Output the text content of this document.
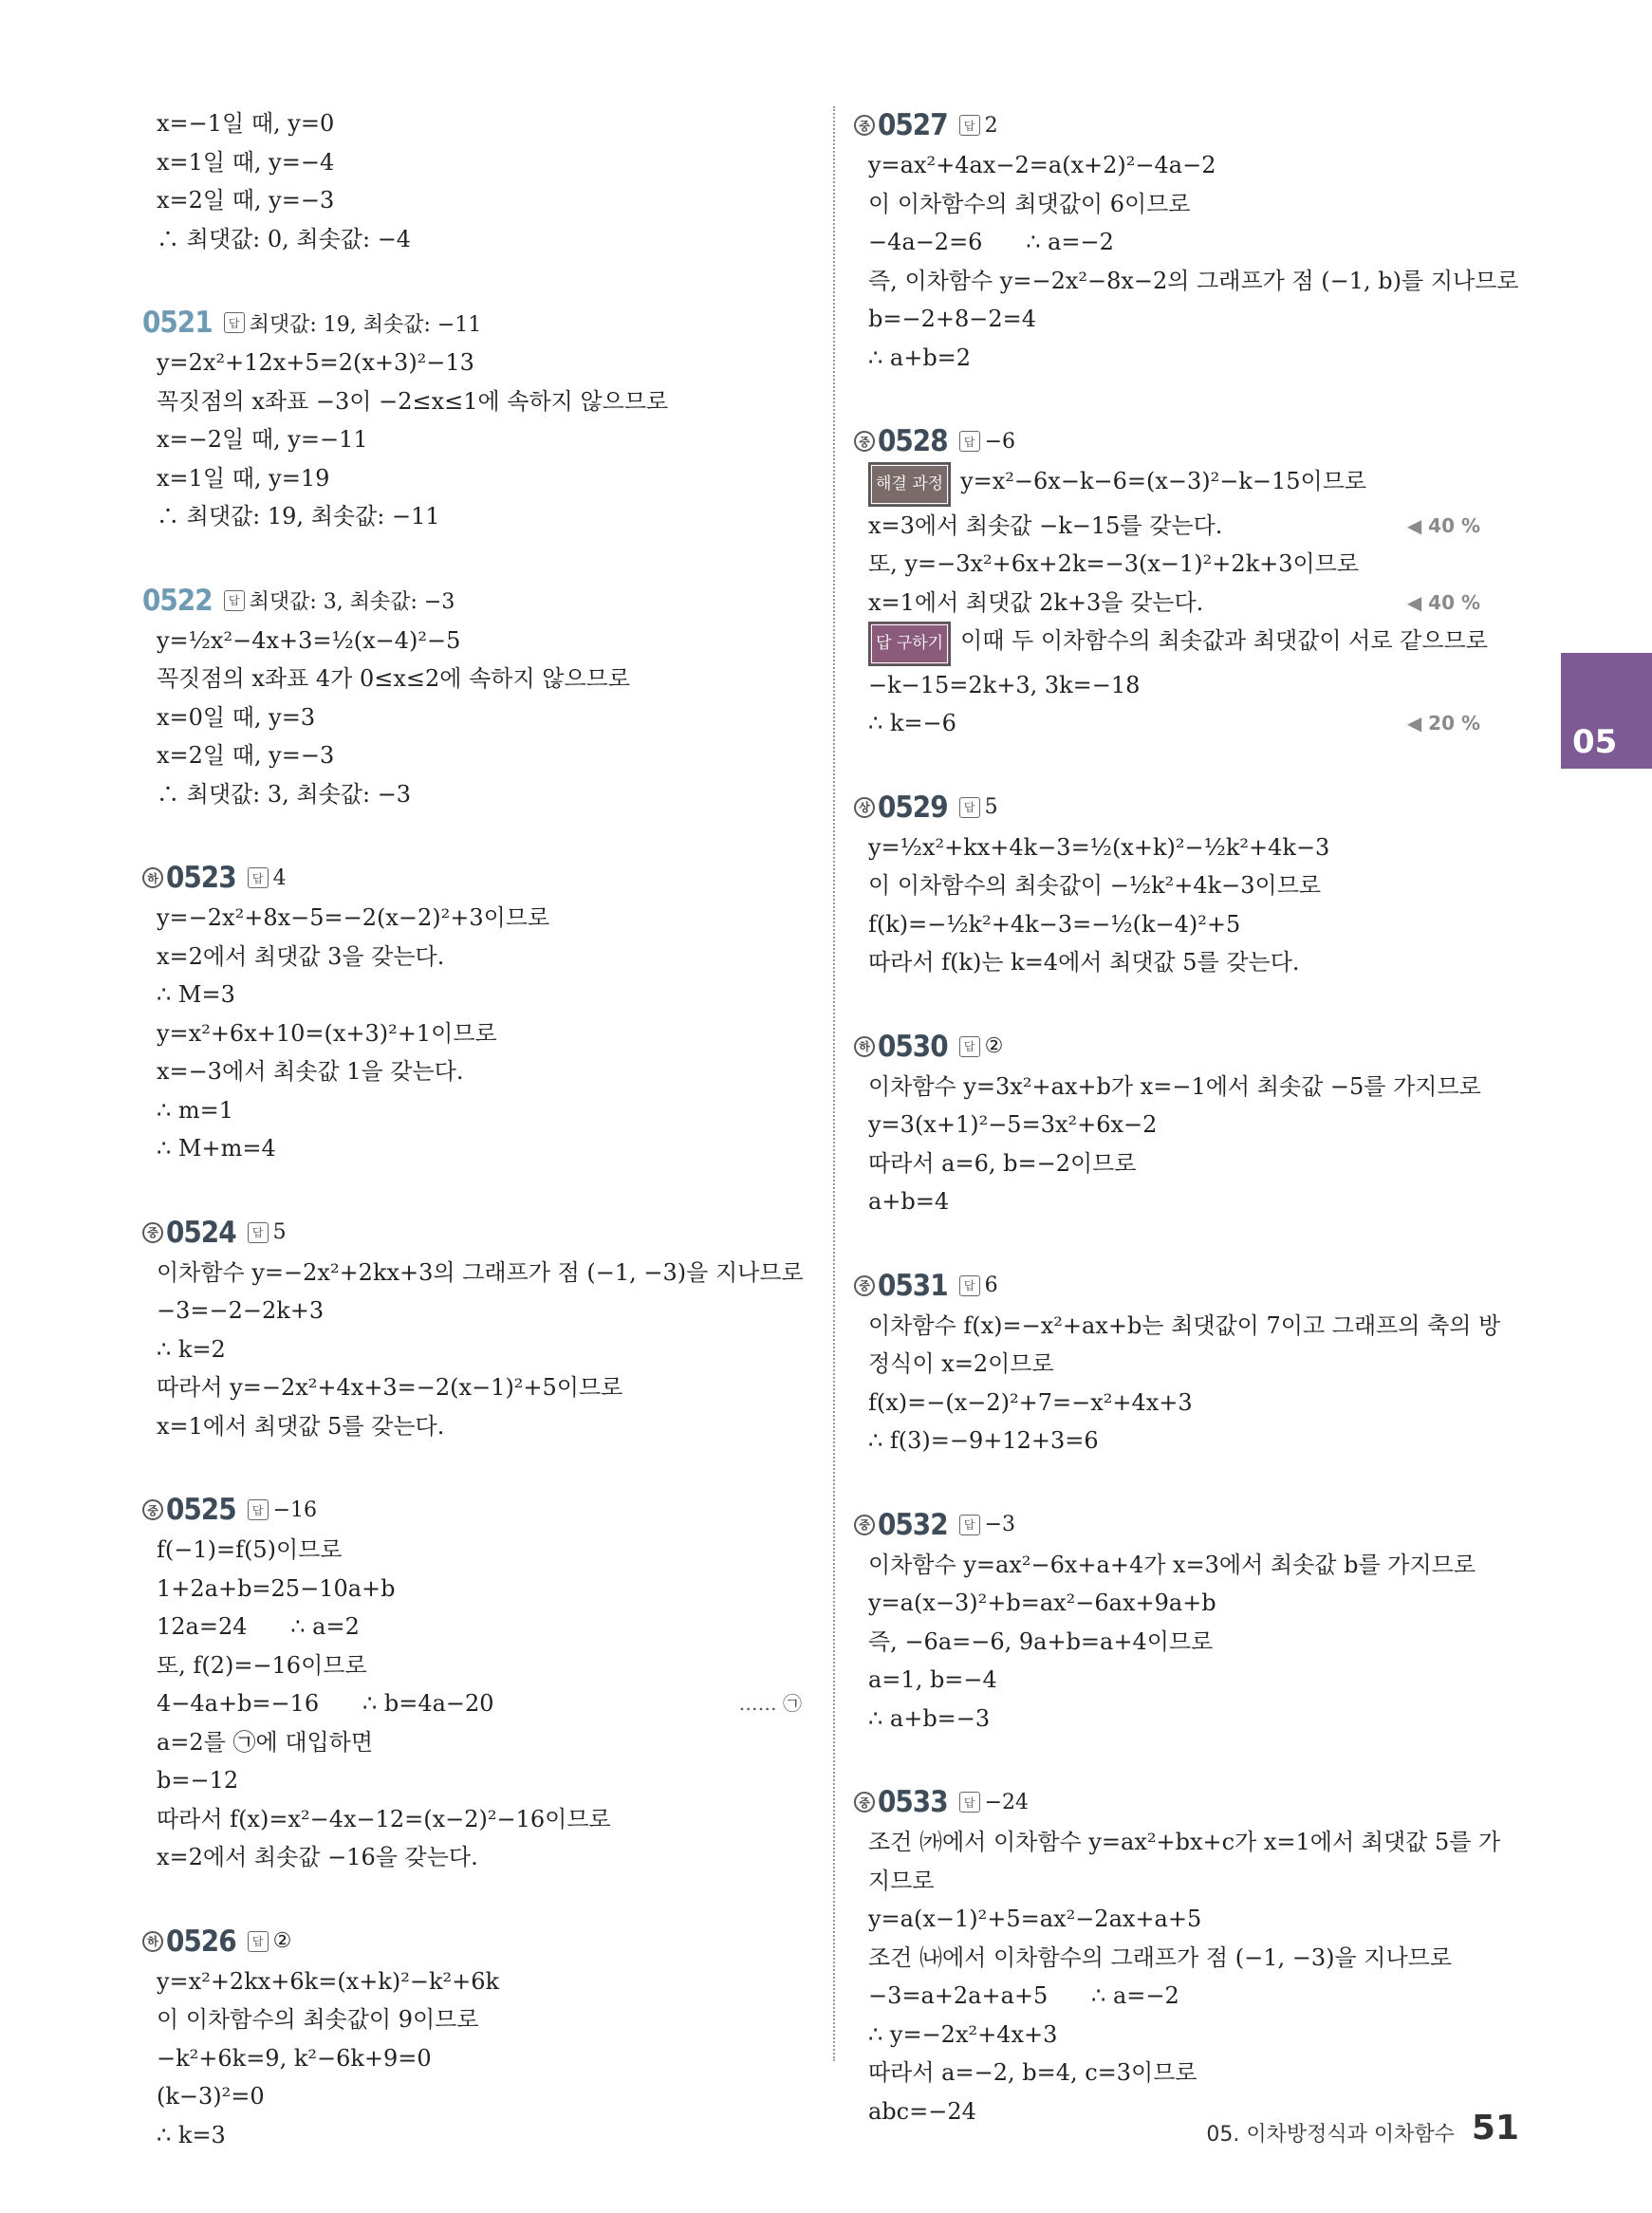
x=−1일 때, y=0
x=1일 때, y=−4
x=2일 때, y=−3
∴ 최댓값: 0, 최솟값: −4
0521	답 최댓값: 19, 최솟값: −11
y=2x²+12x+5=2(x+3)²−13
꼭짓점의 x좌표 −3이 −2≤x≤1에 속하지 않으므로
x=−2일 때, y=−11
x=1일 때, y=19
∴ 최댓값: 19, 최솟값: −11
0522	답 최댓값: 3, 최솟값: −3
y=½x²−4x+3=½(x−4)²−5
꼭짓점의 x좌표 4가 0≤x≤2에 속하지 않으므로
x=0일 때, y=3
x=2일 때, y=−3
∴ 최댓값: 3, 최솟값: −3
하 0523	답 4
y=−2x²+8x−5=−2(x−2)²+3이므로
x=2에서 최댓값 3을 갖는다.
∴ M=3
y=x²+6x+10=(x+3)²+1이므로
x=−3에서 최솟값 1을 갖는다.
∴ m=1
∴ M+m=4
중 0524	답 5
이차함수 y=−2x²+2kx+3의 그래프가 점 (−1, −3)을 지나므로
−3=−2−2k+3
∴ k=2
따라서 y=−2x²+4x+3=−2(x−1)²+5이므로
x=1에서 최댓값 5를 갖는다.
중 0525	답 −16
f(−1)=f(5)이므로
1+2a+b=25−10a+b
12a=24      ∴ a=2
또, f(2)=−16이므로
4−4a+b=−16      ∴ b=4a−20	…… ㉠
a=2를 ㉠에 대입하면
b=−12
따라서 f(x)=x²−4x−12=(x−2)²−16이므로
x=2에서 최솟값 −16을 갖는다.
하 0526	답 ②
y=x²+2kx+6k=(x+k)²−k²+6k
이 이차함수의 최솟값이 9이므로
−k²+6k=9, k²−6k+9=0
(k−3)²=0
∴ k=3
중 0527	답 2
y=ax²+4ax−2=a(x+2)²−4a−2
이 이차함수의 최댓값이 6이므로
−4a−2=6      ∴ a=−2
즉, 이차함수 y=−2x²−8x−2의 그래프가 점 (−1, b)를 지나므로
b=−2+8−2=4
∴ a+b=2
중 0528	답 −6
해결 과정 y=x²−6x−k−6=(x−3)²−k−15이므로
x=3에서 최솟값 −k−15를 갖는다.	◀ 40 %
또, y=−3x²+6x+2k=−3(x−1)²+2k+3이므로
x=1에서 최댓값 2k+3을 갖는다.	◀ 40 %
답 구하기 이때 두 이차함수의 최솟값과 최댓값이 서로 같으므로
−k−15=2k+3, 3k=−18
∴ k=−6	◀ 20 %
상 0529	답 5
y=½x²+kx+4k−3=½(x+k)²−½k²+4k−3
이 이차함수의 최솟값이 −½k²+4k−3이므로
f(k)=−½k²+4k−3=−½(k−4)²+5
따라서 f(k)는 k=4에서 최댓값 5를 갖는다.
하 0530	답 ②
이차함수 y=3x²+ax+b가 x=−1에서 최솟값 −5를 가지므로
y=3(x+1)²−5=3x²+6x−2
따라서 a=6, b=−2이므로
a+b=4
중 0531	답 6
이차함수 f(x)=−x²+ax+b는 최댓값이 7이고 그래프의 축의 방
정식이 x=2이므로
f(x)=−(x−2)²+7=−x²+4x+3
∴ f(3)=−9+12+3=6
중 0532	답 −3
이차함수 y=ax²−6x+a+4가 x=3에서 최솟값 b를 가지므로
y=a(x−3)²+b=ax²−6ax+9a+b
즉, −6a=−6, 9a+b=a+4이므로
a=1, b=−4
∴ a+b=−3
중 0533	답 −24
조건 ㈎에서 이차함수 y=ax²+bx+c가 x=1에서 최댓값 5를 가
지므로
y=a(x−1)²+5=ax²−2ax+a+5
조건 ㈏에서 이차함수의 그래프가 점 (−1, −3)을 지나므로
−3=a+2a+a+5      ∴ a=−2
∴ y=−2x²+4x+3
따라서 a=−2, b=4, c=3이므로
abc=−24
05
05. 이차방정식과 이차함수 51
